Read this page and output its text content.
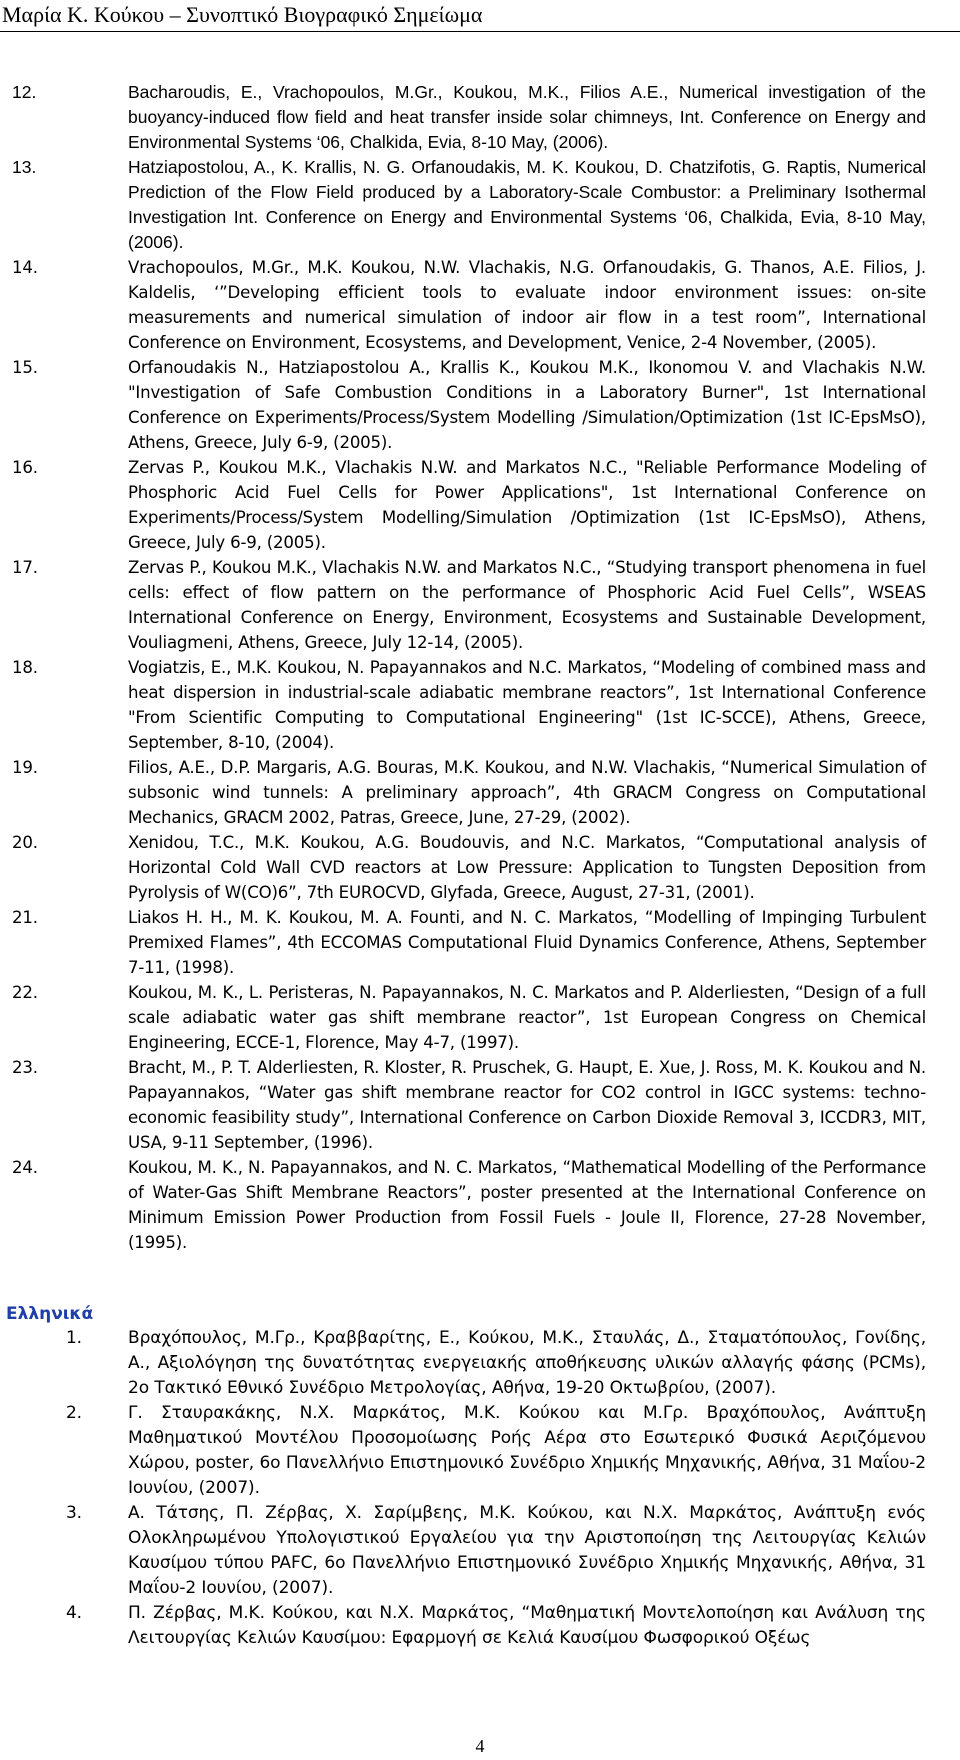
Μαρία Κ. Κούκου – Συνοπτικό Βιογραφικό Σημείωμα
12.	Bacharoudis, E., Vrachopoulos, M.Gr., Koukou, M.K., Filios A.E., Numerical investigation of the buoyancy-induced flow field and heat transfer inside solar chimneys, Int. Conference on Energy and Environmental Systems ‘06, Chalkida, Evia, 8-10 May, (2006).
13.	Hatziapostolou, A., K. Krallis, N. G. Orfanoudakis, M. K. Koukou, D. Chatzifotis, G. Raptis, Numerical Prediction of the Flow Field produced by a Laboratory-Scale Combustor: a Preliminary Isothermal Investigation Int. Conference on Energy and Environmental Systems ‘06, Chalkida, Evia, 8-10 May, (2006).
14.	Vrachopoulos, M.Gr., M.K. Koukou, N.W. Vlachakis, N.G. Orfanoudakis, G. Thanos, A.E. Filios, J. Kaldelis, ‘”Developing efficient tools to evaluate indoor environment issues: on-site measurements and numerical simulation of indoor air flow in a test room”, International Conference on Environment, Ecosystems, and Development, Venice, 2-4 November, (2005).
15.	Orfanoudakis N., Hatziapostolou A., Krallis K., Koukou M.K., Ikonomou V. and Vlachakis N.W. "Investigation of Safe Combustion Conditions in a Laboratory Burner", 1st International Conference on Experiments/Process/System Modelling /Simulation/Optimization (1st IC-EpsMsO), Athens, Greece, July 6-9, (2005).
16.	Zervas P., Koukou M.K., Vlachakis N.W. and Markatos N.C., "Reliable Performance Modeling of Phosphoric Acid Fuel Cells for Power Applications", 1st International Conference on Experiments/Process/System Modelling/Simulation /Optimization (1st IC-EpsMsO), Athens, Greece, July 6-9, (2005).
17.	Zervas P., Koukou M.K., Vlachakis N.W. and Markatos N.C., “Studying transport phenomena in fuel cells: effect of flow pattern on the performance of Phosphoric Acid Fuel Cells”, WSEAS International Conference on Energy, Environment, Ecosystems and Sustainable Development, Vouliagmeni, Athens, Greece, July 12-14, (2005).
18.	Vogiatzis, E., M.K. Koukou, N. Papayannakos and N.C. Markatos, “Modeling of combined mass and heat dispersion in industrial-scale adiabatic membrane reactors”, 1st International Conference "From Scientific Computing to Computational Engineering" (1st IC-SCCE), Athens, Greece, September, 8-10, (2004).
19.	Filios, A.E., D.P. Margaris, A.G. Bouras, M.K. Koukou, and N.W. Vlachakis, “Numerical Simulation of subsonic wind tunnels: A preliminary approach”, 4th GRACM Congress on Computational Mechanics, GRACM 2002, Patras, Greece, June, 27-29, (2002).
20.	Xenidou, T.C., M.K. Koukou, A.G. Boudouvis, and N.C. Markatos, “Computational analysis of Horizontal Cold Wall CVD reactors at Low Pressure: Application to Tungsten Deposition from Pyrolysis of W(CO)6”, 7th EUROCVD, Glyfada, Greece, August, 27-31, (2001).
21.	Liakos H. H., M. K. Koukou, M. A. Founti, and N. C. Markatos, “Modelling of Impinging Turbulent Premixed Flames”, 4th ECCOMAS Computational Fluid Dynamics Conference, Athens, September 7-11, (1998).
22.	Koukou, M. K., L. Peristeras, N. Papayannakos, N. C. Markatos and P. Alderliesten, “Design of a full scale adiabatic water gas shift membrane reactor”, 1st European Congress on Chemical Engineering, ECCE-1, Florence, May 4-7, (1997).
23.	Bracht, M., P. T. Alderliesten, R. Kloster, R. Pruschek, G. Haupt, E. Xue, J. Ross, M. K. Koukou and N. Papayannakos, “Water gas shift membrane reactor for CO2 control in IGCC systems: techno-economic feasibility study”, International Conference on Carbon Dioxide Removal 3, ICCDR3, MIT, USA, 9-11 September, (1996).
24.	Koukou, M. K., N. Papayannakos, and N. C. Markatos, “Mathematical Modelling of the Performance of Water-Gas Shift Membrane Reactors”, poster presented at the International Conference on Minimum Emission Power Production from Fossil Fuels - Joule II, Florence, 27-28 November, (1995).
Ελληνικά
1.	Βραχόπουλος, Μ.Γρ., Κραββαρίτης, Ε., Κούκου, Μ.Κ., Σταυλάς, Δ., Σταματόπουλος, Γονίδης, Α., Αξιολόγηση της δυνατότητας ενεργειακής αποθήκευσης υλικών αλλαγής φάσης (PCMs), 2ο Τακτικό Εθνικό Συνέδριο Μετρολογίας, Αθήνα, 19-20 Οκτωβρίου, (2007).
2.	Γ. Σταυρακάκης, Ν.Χ. Μαρκάτος, Μ.Κ. Κούκου και Μ.Γρ. Βραχόπουλος, Ανάπτυξη Μαθηματικού Μοντέλου Προσομοίωσης Ροής Αέρα στο Εσωτερικό Φυσικά Αεριζόμενου Χώρου, poster, 6ο Πανελλήνιο Επιστημονικό Συνέδριο Χημικής Μηχανικής, Αθήνα, 31 Μαΐου-2 Ιουνίου, (2007).
3.	Α. Τάτσης, Π. Ζέρβας, Χ. Σαρίμβεης, Μ.Κ. Κούκου, και Ν.Χ. Μαρκάτος, Ανάπτυξη ενός Ολοκληρωμένου Υπολογιστικού Εργαλείου για την Αριστοποίηση της Λειτουργίας Κελιών Καυσίμου τύπου PAFC, 6ο Πανελλήνιο Επιστημονικό Συνέδριο Χημικής Μηχανικής, Αθήνα, 31 Μαΐου-2 Ιουνίου, (2007).
4.	Π. Ζέρβας, Μ.Κ. Κούκου, και Ν.Χ. Μαρκάτος, “Μαθηματική Μοντελοποίηση και Ανάλυση της Λειτουργίας Κελιών Καυσίμου: Εφαρμογή σε Κελιά Καυσίμου Φωσφορικού Οξέως
4
